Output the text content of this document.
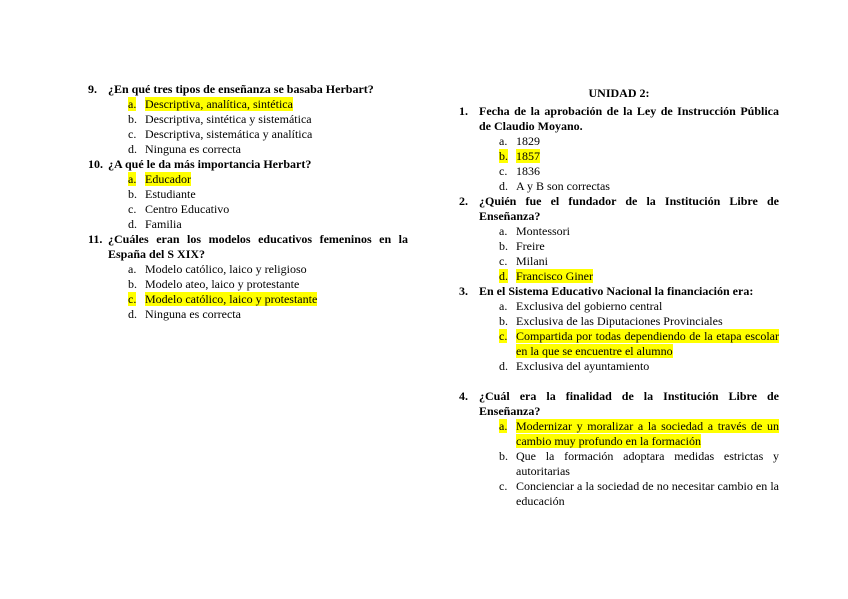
9. ¿En qué tres tipos de enseñanza se basaba Herbart?
a. Descriptiva, analítica, sintética
b. Descriptiva, sintética y sistemática
c. Descriptiva, sistemática y analítica
d. Ninguna es correcta
10. ¿A qué le da más importancia Herbart?
a. Educador
b. Estudiante
c. Centro Educativo
d. Familia
11. ¿Cuáles eran los modelos educativos femeninos en la España del S XIX?
a. Modelo católico, laico y religioso
b. Modelo ateo, laico y protestante
c. Modelo católico, laico y protestante
d. Ninguna es correcta
UNIDAD 2:
1. Fecha de la aprobación de la Ley de Instrucción Pública de Claudio Moyano.
a. 1829
b. 1857
c. 1836
d. A y B son correctas
2. ¿Quién fue el fundador de la Institución Libre de Enseñanza?
a. Montessori
b. Freire
c. Milani
d. Francisco Giner
3. En el Sistema Educativo Nacional la financiación era:
a. Exclusiva del gobierno central
b. Exclusiva de las Diputaciones Provinciales
c. Compartida por todas dependiendo de la etapa escolar en la que se encuentre el alumno
d. Exclusiva del ayuntamiento
4. ¿Cuál era la finalidad de la Institución Libre de Enseñanza?
a. Modernizar y moralizar a la sociedad a través de un cambio muy profundo en la formación
b. Que la formación adoptara medidas estrictas y autoritarias
c. Concienciar a la sociedad de no necesitar cambio en la educación
